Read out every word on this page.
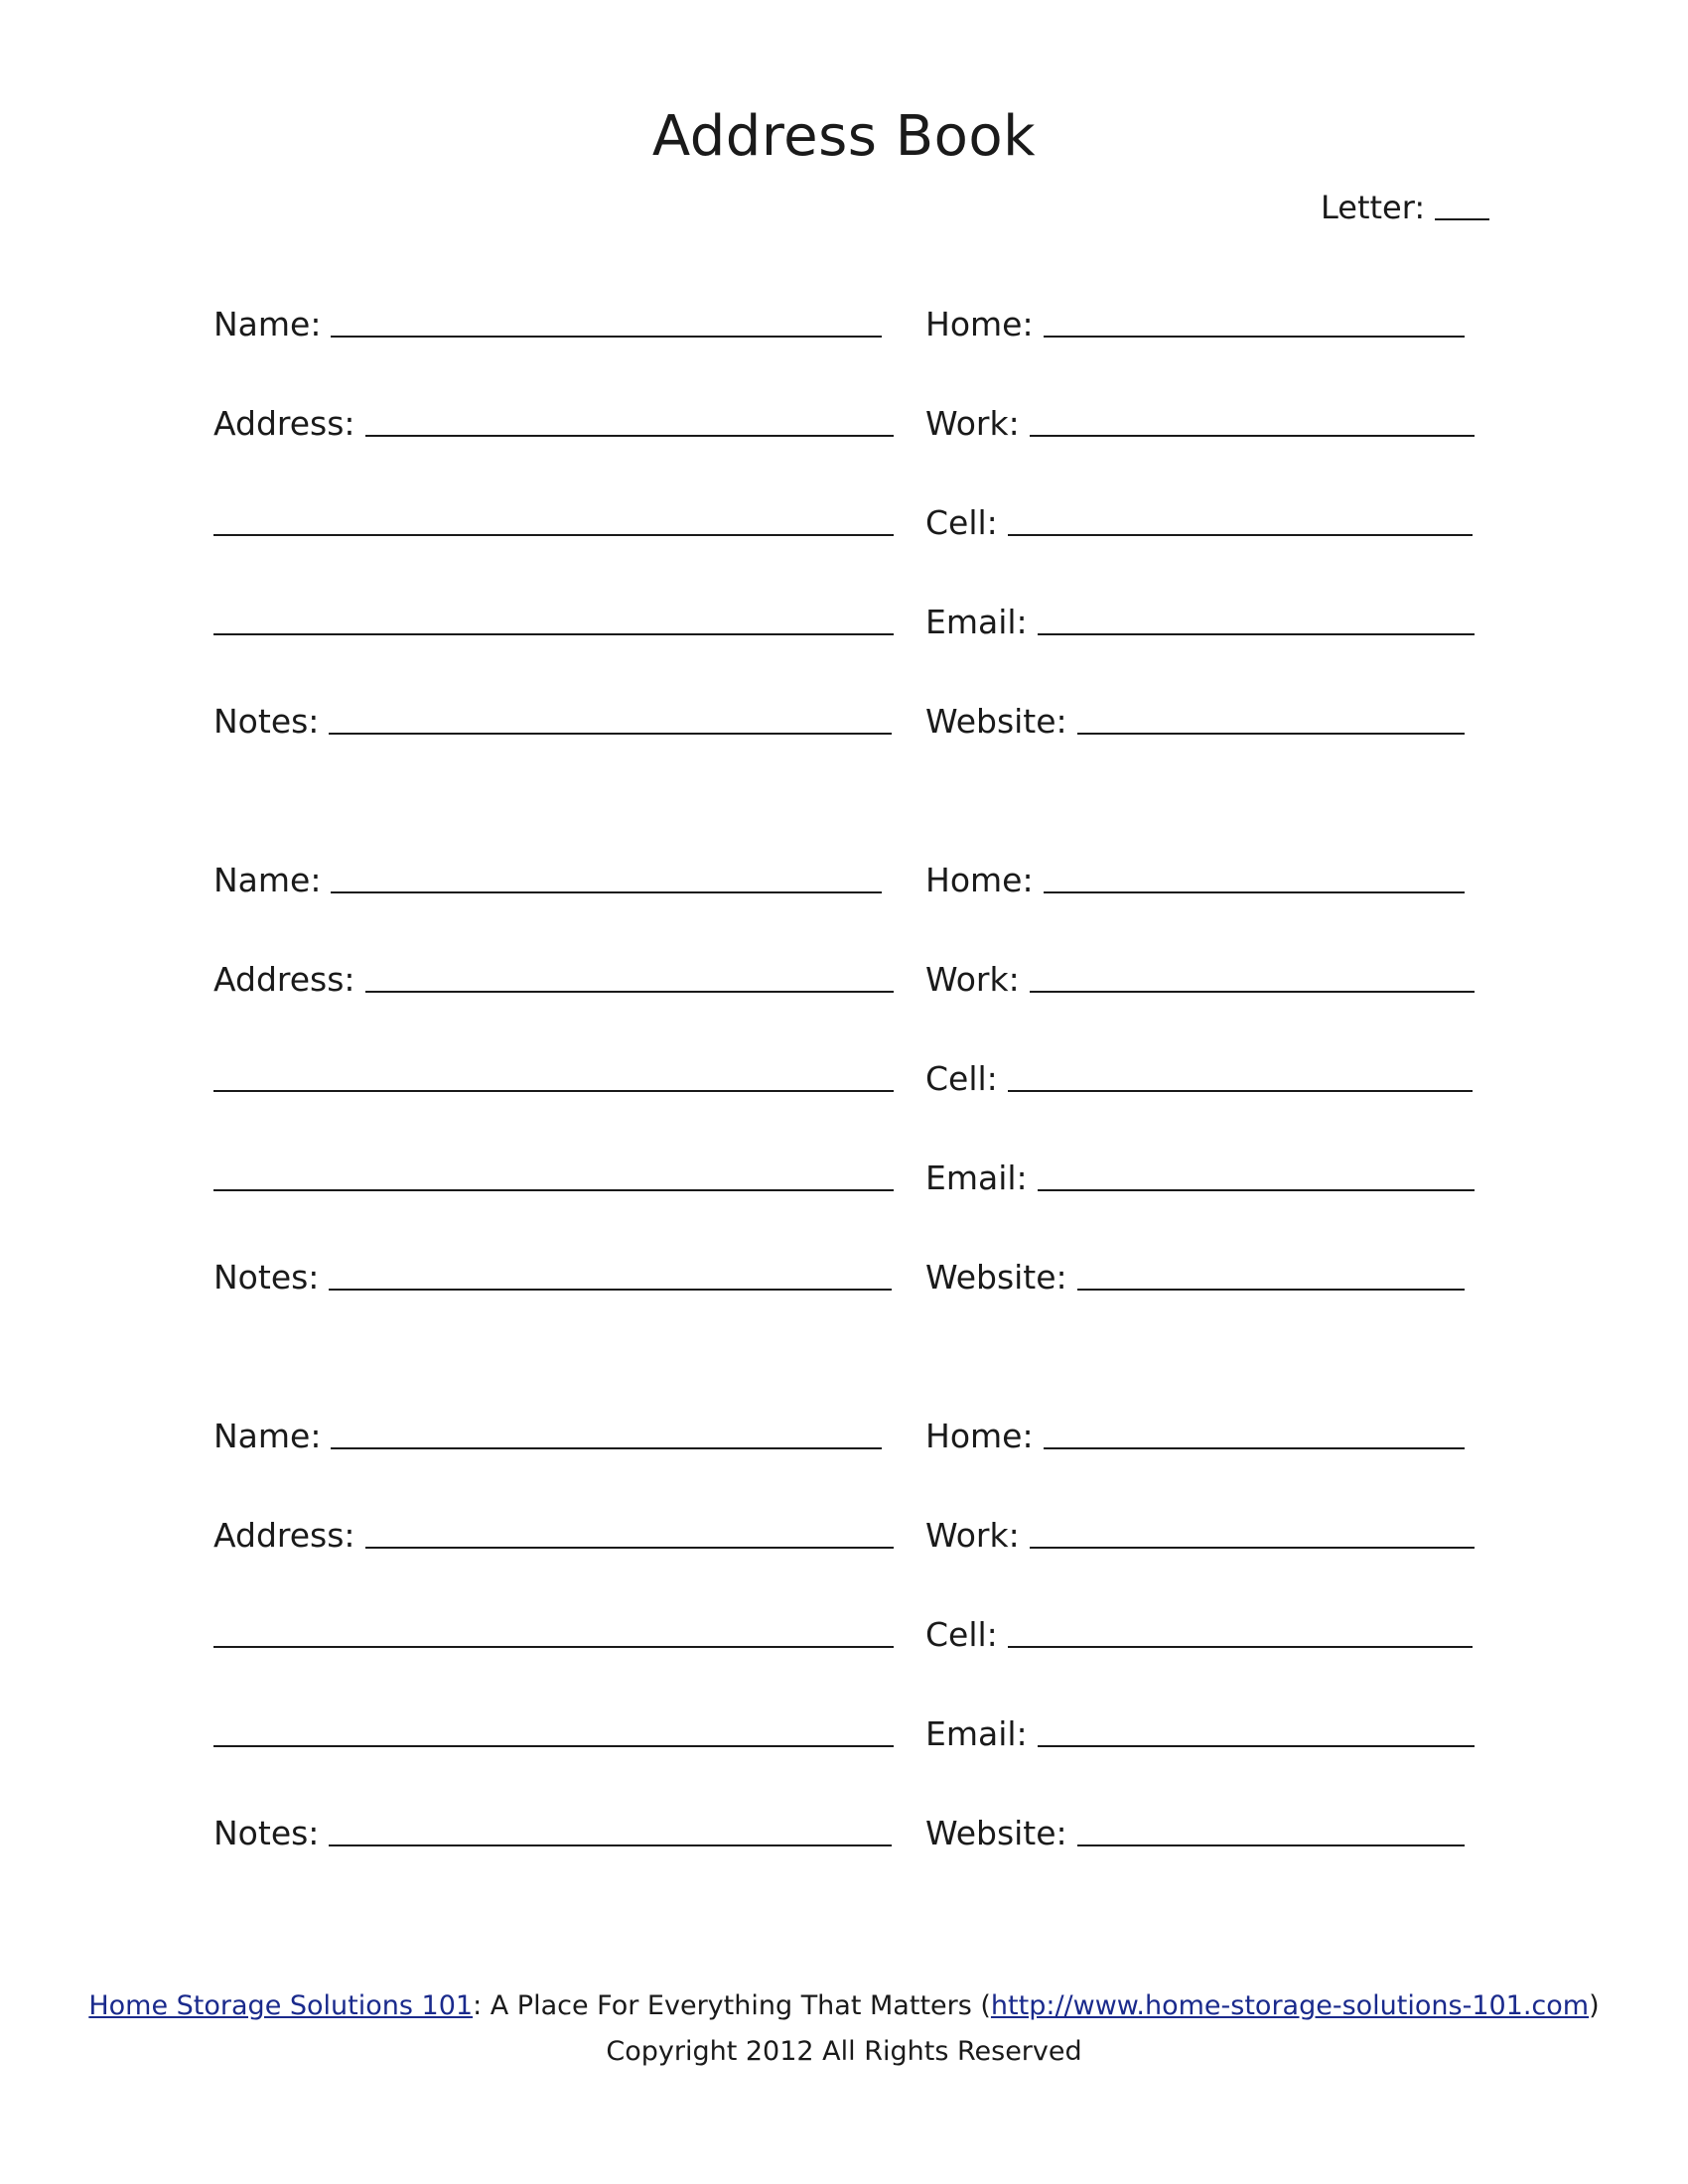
Address Book
Letter:
Name:
Address:
Notes:
Home:
Work:
Cell:
Email:
Website:
Name:
Address:
Notes:
Home:
Work:
Cell:
Email:
Website:
Name:
Address:
Notes:
Home:
Work:
Cell:
Email:
Website:
Home Storage Solutions 101: A Place For Everything That Matters (http://www.home-storage-solutions-101.com)
Copyright 2012 All Rights Reserved
